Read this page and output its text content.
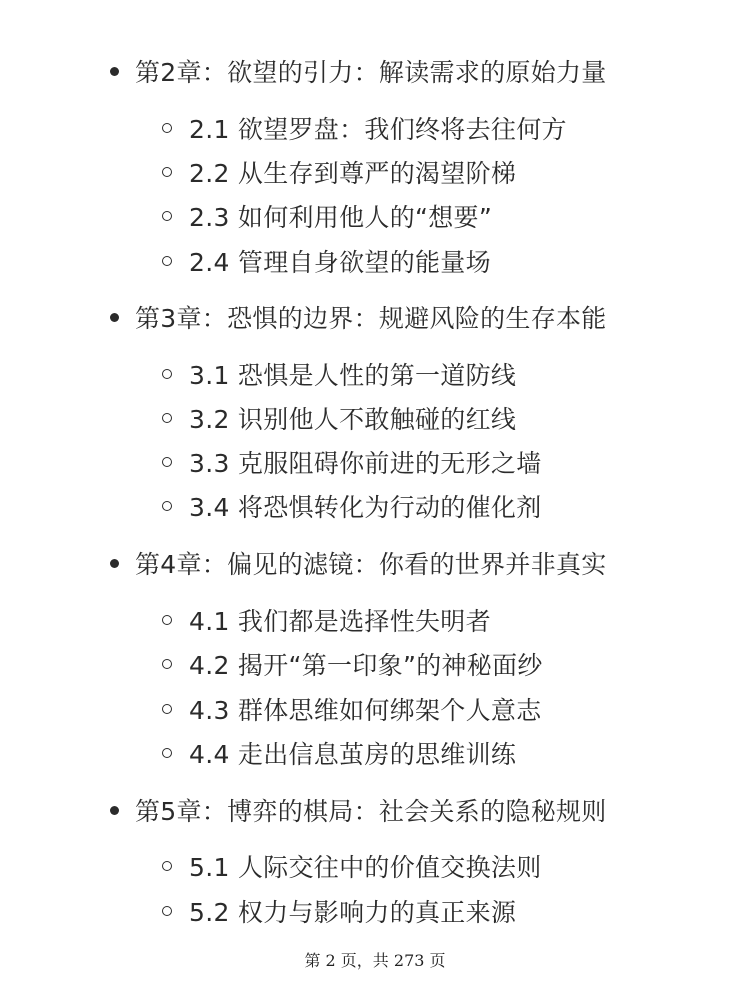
第2章：欲望的引力：解读需求的原始力量
2.1 欲望罗盘：我们终将去往何方
2.2 从生存到尊严的渴望阶梯
2.3 如何利用他人的“想要”
2.4 管理自身欲望的能量场
第3章：恐惧的边界：规避风险的生存本能
3.1 恐惧是人性的第一道防线
3.2 识别他人不敢触碰的红线
3.3 克服阻碍你前进的无形之墙
3.4 将恐惧转化为行动的催化剂
第4章：偏见的滤镜：你看的世界并非真实
4.1 我们都是选择性失明者
4.2 揭开“第一印象”的神秘面纱
4.3 群体思维如何绑架个人意志
4.4 走出信息茧房的思维训练
第5章：博弈的棋局：社会关系的隐秘规则
5.1 人际交往中的价值交换法则
5.2 权力与影响力的真正来源
第 2 页，共 273 页
